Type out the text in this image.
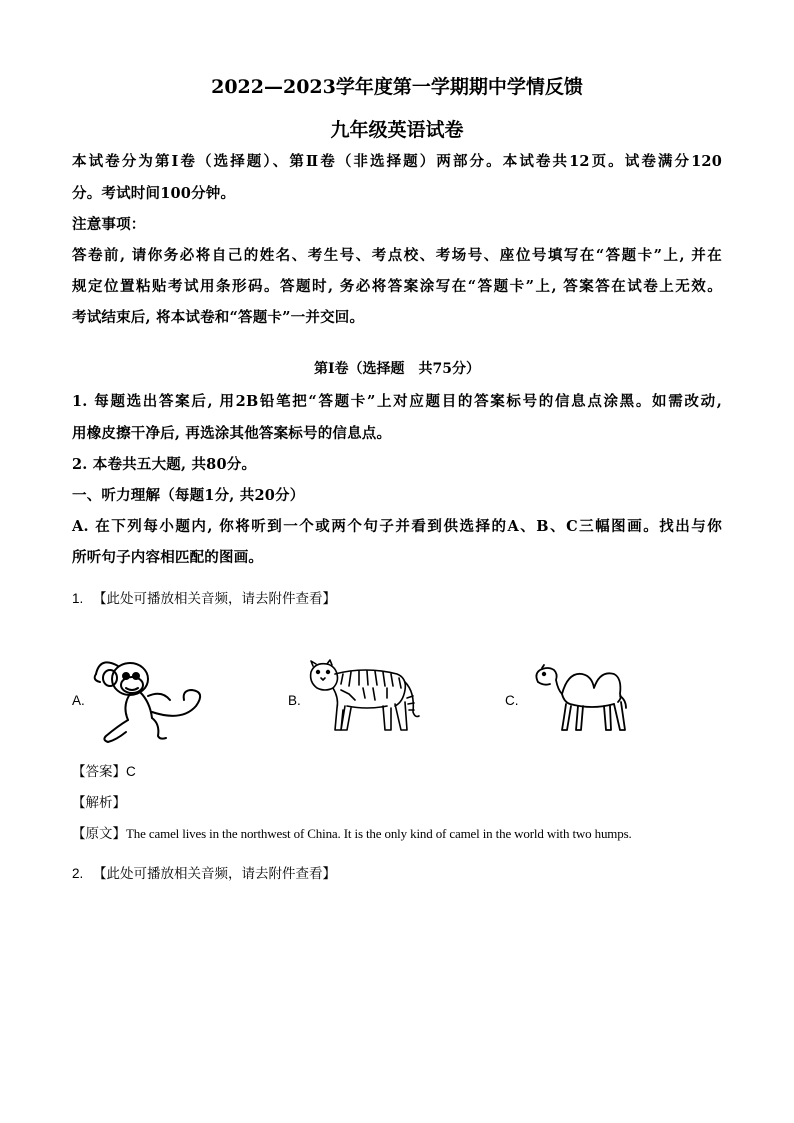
2022—2023学年度第一学期期中学情反馈
九年级英语试卷
本试卷分为第Ⅰ卷（选择题）、第Ⅱ卷（非选择题）两部分。本试卷共12页。试卷满分120
分。考试时间100分钟。
注意事项：
答卷前, 请你务必将自己的姓名、考生号、考点校、考场号、座位号填写在“答题卡”上, 并在
规定位置粘贴考试用条形码。答题时, 务必将答案涂写在“答题卡”上, 答案答在试卷上无效。
考试结束后, 将本试卷和“答题卡”一并交回。
第Ⅰ卷（选择题　共75分）
1. 每题选出答案后, 用2B铅笔把“答题卡”上对应题目的答案标号的信息点涂黑。如需改动,
用橡皮擦干净后, 再选涂其他答案标号的信息点。
2. 本卷共五大题, 共80分。
一、听力理解（每题1分, 共20分）
A. 在下列每小题内, 你将听到一个或两个句子并看到供选择的A、B、C三幅图画。找出与你
所听句子内容相匹配的图画。
1. 【此处可播放相关音频，请去附件查看】
A.	B.	C.
【答案】C
【解析】
【原文】The camel lives in the northwest of China. It is the only kind of camel in the world with two humps.
2. 【此处可播放相关音频，请去附件查看】
